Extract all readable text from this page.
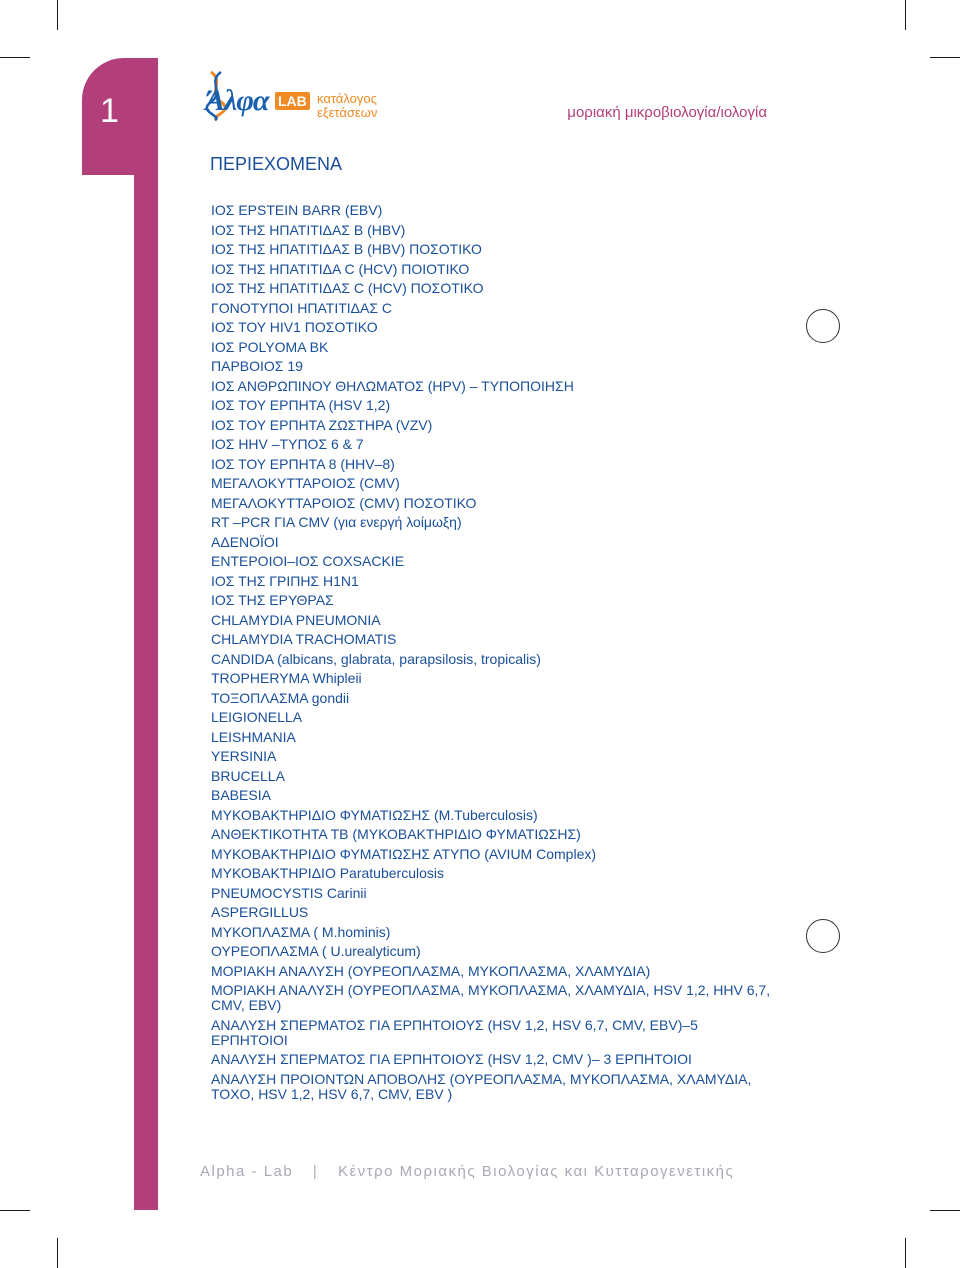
1	Άλφα LAB κατάλογος
εξετάσεων	μοριακή μικροβιολογία/ιολογία
ΠΕΡΙΕΧΟΜΕΝΑ
ΙΟΣ EPSTEIN BARR (EBV)
ΙΟΣ ΤΗΣ ΗΠΑΤΙΤΙΔΑΣ Β (HBV)
ΙΟΣ ΤΗΣ ΗΠΑΤΙΤΙΔΑΣ Β (HBV) ΠΟΣΟΤΙΚΟ
ΙΟΣ ΤΗΣ ΗΠΑΤΙΤΙΔΑ C (HCV) ΠΟΙΟΤΙΚΟ
ΙΟΣ ΤΗΣ ΗΠΑΤΙΤΙΔΑΣ C (HCV) ΠΟΣΟΤΙΚΟ
ΓΟΝΟΤΥΠΟΙ ΗΠΑΤΙΤΙΔΑΣ C
ΙΟΣ ΤΟΥ HIV1 ΠΟΣΟΤΙΚΟ
ΙΟΣ POLYOMA BK
ΠΑΡΒΟΙΟΣ 19
ΙΟΣ ΑΝΘΡΩΠΙΝΟΥ ΘΗΛΩΜΑΤΟΣ (HPV) – ΤΥΠΟΠΟΙΗΣΗ
ΙΟΣ ΤΟΥ ΕΡΠΗΤΑ (HSV 1,2)
ΙΟΣ ΤΟΥ ΕΡΠΗΤΑ ΖΩΣΤΗΡΑ (VZV)
ΙΟΣ HHV –ΤΥΠΟΣ 6 & 7
ΙΟΣ ΤΟΥ ΕΡΠΗΤΑ 8 (HHV–8)
ΜΕΓΑΛΟΚΥΤΤΑΡΟΙΟΣ (CMV)
ΜΕΓΑΛΟΚΥΤΤΑΡΟΙΟΣ (CMV) ΠΟΣΟΤΙΚΟ
RT –PCR ΓΙΑ CMV (για ενεργή λοίμωξη)
ΑΔΕΝΟΪΟΙ
ΕΝΤΕΡΟΙΟΙ–ΙΟΣ COXSACKIE
ΙΟΣ ΤΗΣ ΓΡΙΠΗΣ H1N1
ΙΟΣ ΤΗΣ ΕΡΥΘΡΑΣ
CHLAMYDIA PNEUMONIA
CHLAMYDIA TRACHOMATIS
CANDIDA (albicans, glabrata, parapsilosis, tropicalis)
TROPHERYMA Whipleii
ΤΟΞΟΠΛΑΣΜΑ gondii
LEIGIONELLA
LEISHMANIA
YERSINIA
BRUCELLA
BABESIA
ΜΥΚΟΒΑΚΤΗΡΙΔΙΟ ΦΥΜΑΤΙΩΣΗΣ (M.Tuberculosis)
ΑΝΘΕΚΤΙΚΟΤΗΤΑ ΤΒ (ΜΥΚΟΒΑΚΤΗΡΙΔΙΟ ΦΥΜΑΤΙΩΣΗΣ)
ΜΥΚΟΒΑΚΤΗΡΙΔΙΟ ΦΥΜΑΤΙΩΣΗΣ ΑΤΥΠΟ (AVIUM Complex)
ΜΥΚΟΒΑΚΤΗΡΙΔΙΟ Paratuberculosis
PNEUMOCYSTIS Carinii
ASPERGILLUS
ΜΥΚΟΠΛΑΣΜΑ ( M.hominis)
ΟΥΡΕΟΠΛΑΣΜΑ ( U.urealyticum)
ΜΟΡΙΑΚΗ ΑΝΑΛΥΣΗ (ΟΥΡΕΟΠΛΑΣΜΑ, ΜΥΚΟΠΛΑΣΜΑ, ΧΛΑΜΥΔΙΑ)
ΜΟΡΙΑΚΗ ΑΝΑΛΥΣΗ (ΟΥΡΕΟΠΛΑΣΜΑ, ΜΥΚΟΠΛΑΣΜΑ, ΧΛΑΜΥΔΙΑ, HSV 1,2, HHV 6,7, CMV, EBV)
ΑΝΑΛΥΣΗ ΣΠΕΡΜΑΤΟΣ ΓΙΑ ΕΡΠΗΤΟΙΟΥΣ (HSV 1,2, HSV 6,7, CMV, EBV)–5 ΕΡΠΗΤΟΙΟΙ
ΑΝΑΛΥΣΗ ΣΠΕΡΜΑΤΟΣ ΓΙΑ ΕΡΠΗΤΟΙΟΥΣ (HSV 1,2, CMV )– 3 ΕΡΠΗΤΟΙΟΙ
ΑΝΑΛΥΣΗ ΠΡΟΙΟΝΤΩΝ ΑΠΟΒΟΛΗΣ (ΟΥΡΕΟΠΛΑΣΜΑ, ΜΥΚΟΠΛΑΣΜΑ, ΧΛΑΜΥΔΙΑ, ΤΟΧΟ, HSV 1,2, HSV 6,7, CMV, EBV )
Alpha - Lab | Κέντρο Μοριακής Βιολογίας και Κυτταρογενετικής
